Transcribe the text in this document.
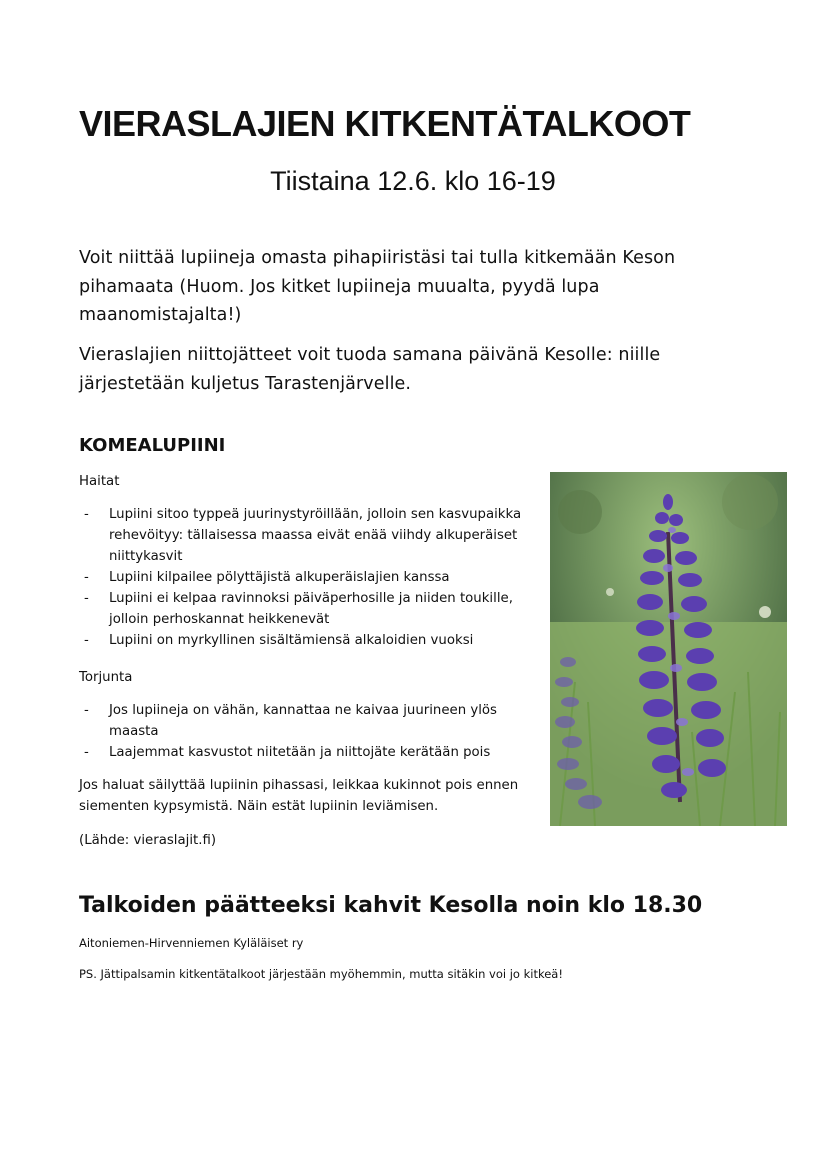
VIERASLAJIEN KITKENTÄTALKOOT
Tiistaina 12.6. klo 16-19

Voit niittää lupiineja omasta pihapiiristäsi tai tulla kitkemään Keson pihamaata (Huom. Jos kitket lupiineja muualta, pyydä lupa maanomistajalta!)

Vieraslajien niittojätteet voit tuoda samana päivänä Kesolle: niille järjestetään kuljetus Tarastenjärvelle.

KOMEALUPIINI
Haitat
- Lupiini sitoo typpeä juurinystyröillään, jolloin sen kasvupaikka rehevöityy: tällaisessa maassa eivät enää viihdy alkuperäiset niittykasvit
- Lupiini kilpailee pölyttäjistä alkuperäislajien kanssa
- Lupiini ei kelpaa ravinnoksi päiväperhosille ja niiden toukille, jolloin perhoskannat heikkenevät
- Lupiini on myrkyllinen sisältämiensä alkaloidien vuoksi
Torjunta
- Jos lupiineja on vähän, kannattaa ne kaivaa juurineen ylös maasta
- Laajemmat kasvustot niitetään ja niittojäte kerätään pois

Jos haluat säilyttää lupiinin pihassasi, leikkaa kukinnot pois ennen siementen kypsymistä. Näin estät lupiinin leviämisen.

(Lähde: vieraslajit.fi)

Talkoiden päätteeksi kahvit Kesolla noin klo 18.30
Aitoniemen-Hirvenniemen Kyläläiset ry
PS. Jättipalsamin kitkentätalkoot järjestään myöhemmin, mutta sitäkin voi jo kitkeä!
